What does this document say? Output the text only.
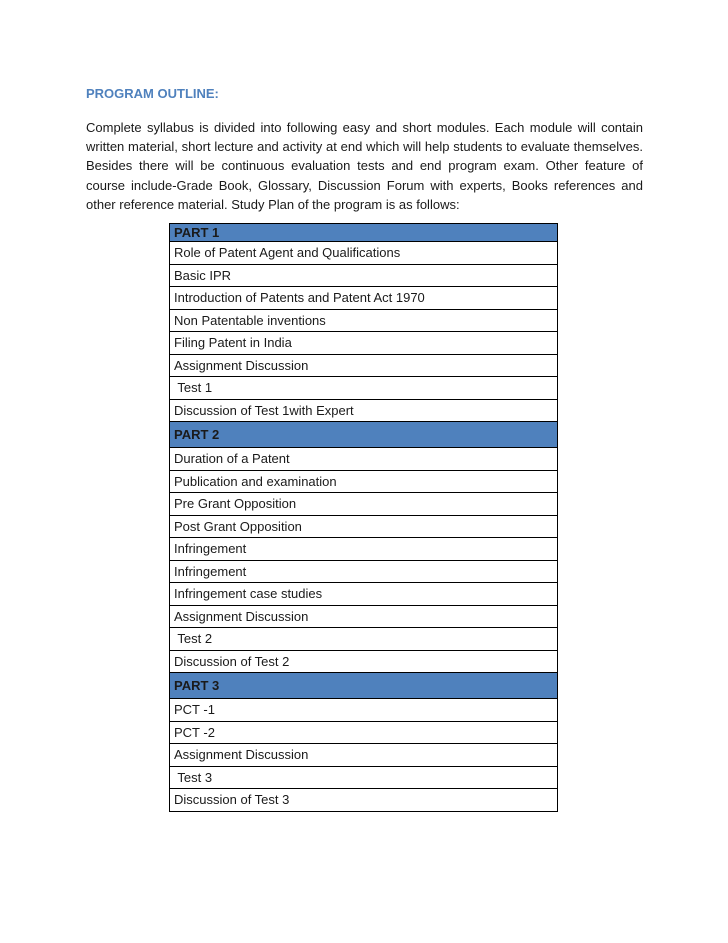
PROGRAM OUTLINE:

Complete syllabus is divided into following easy and short modules. Each module will contain written material, short lecture and activity at end which will help students to evaluate themselves. Besides there will be continuous evaluation tests and end program exam. Other feature of course include-Grade Book, Glossary, Discussion Forum with experts, Books references and other reference material. Study Plan of the program is as follows:

PART 1
Role of Patent Agent and Qualifications
Basic IPR
Introduction of Patents and Patent Act 1970
Non Patentable inventions
Filing Patent in India
Assignment Discussion
Test 1
Discussion of Test 1with Expert
PART 2
Duration of a Patent
Publication and examination
Pre Grant Opposition
Post Grant Opposition
Infringement
Infringement
Infringement case studies
Assignment Discussion
Test 2
Discussion of Test 2
PART 3
PCT -1
PCT -2
Assignment Discussion
Test 3
Discussion of Test 3
